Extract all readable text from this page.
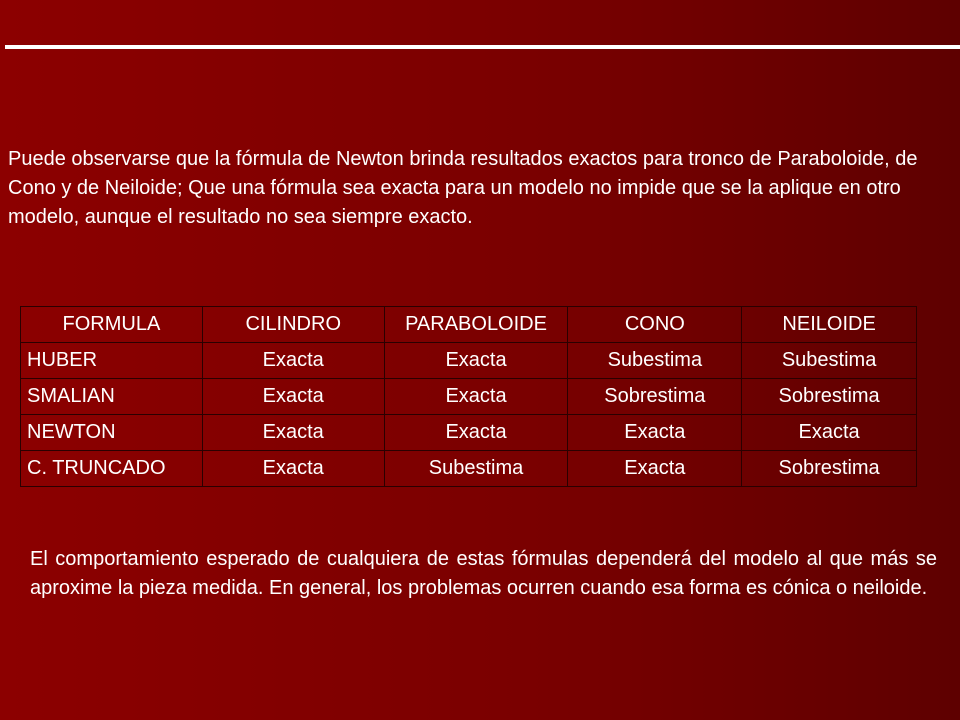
Puede observarse que la fórmula de Newton brinda resultados exactos para tronco de Paraboloide, de Cono y de Neiloide; Que una fórmula sea exacta para un modelo no impide que se la aplique en otro modelo, aunque el resultado no sea siempre exacto.

FORMULA	CILINDRO	PARABOLOIDE	CONO	NEILOIDE
HUBER	Exacta	Exacta	Subestima	Subestima
SMALIAN	Exacta	Exacta	Sobrestima	Sobrestima
NEWTON	Exacta	Exacta	Exacta	Exacta
C. TRUNCADO	Exacta	Subestima	Exacta	Sobrestima

El comportamiento esperado de cualquiera de estas fórmulas dependerá del modelo al que más se aproxime la pieza medida. En general, los problemas ocurren cuando esa forma es cónica o neiloide.
